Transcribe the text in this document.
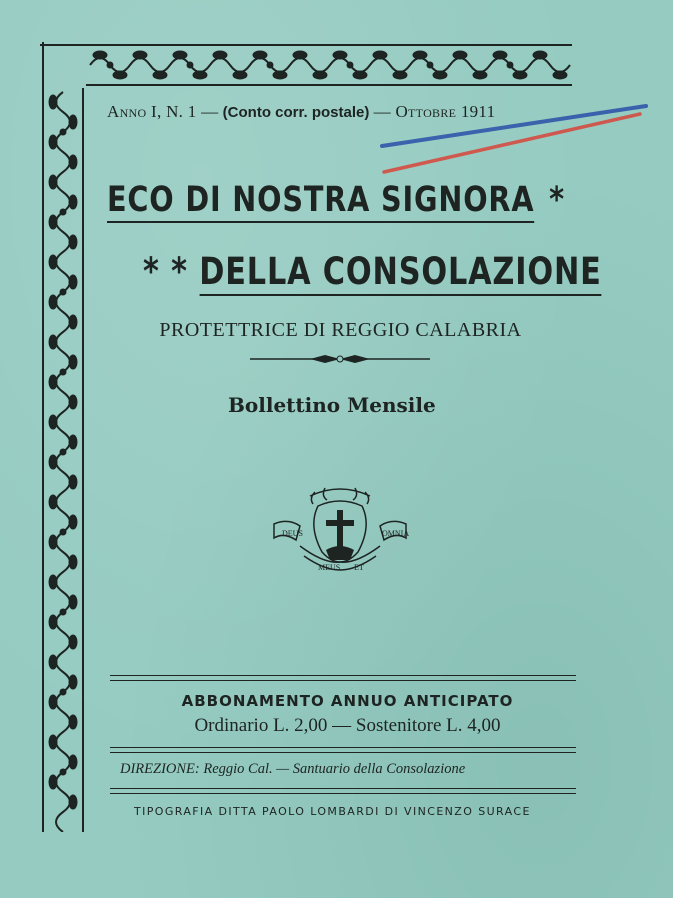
Anno I, N. 1 — (Conto corr. postale) — Ottobre 1911
ECO DI NOSTRA SIGNORA *
* * DELLA CONSOLAZIONE
PROTETTRICE DI REGGIO CALABRIA
Bollettino Mensile
DEUS
MEUS ET
OMNIA
ABBONAMENTO ANNUO ANTICIPATO
Ordinario L. 2,00 — Sostenitore L. 4,00
DIREZIONE: Reggio Cal. — Santuario della Consolazione
TIPOGRAFIA DITTA PAOLO LOMBARDI DI VINCENZO SURACE
